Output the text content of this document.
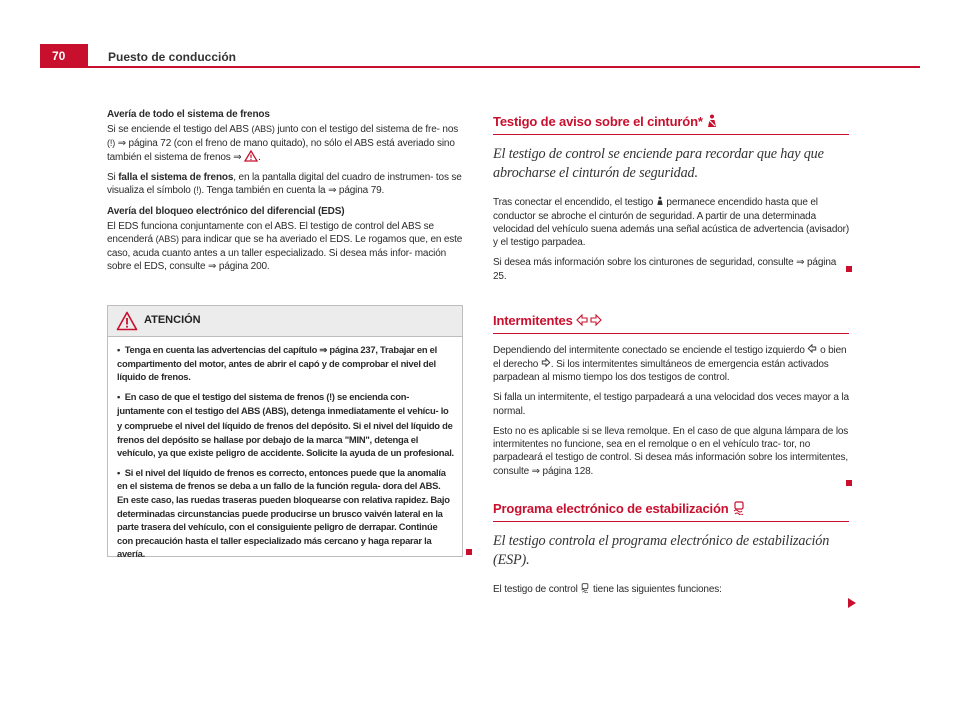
70	Puesto de conducción

Avería de todo el sistema de frenos

Si se enciende el testigo del ABS (ABS) junto con el testigo del sistema de fre- nos (!) ⇒ página 72 (con el freno de mano quitado), no sólo el ABS está averiado sino también el sistema de frenos ⇒ .

Si falla el sistema de frenos, en la pantalla digital del cuadro de instrumen- tos se visualiza el símbolo (!). Tenga también en cuenta la ⇒ página 79.

Avería del bloqueo electrónico del diferencial (EDS)

El EDS funciona conjuntamente con el ABS. El testigo de control del ABS se encenderá (ABS) para indicar que se ha averiado el EDS. Le rogamos que, en este caso, acuda cuanto antes a un taller especializado. Si desea más infor- mación sobre el EDS, consulte ⇒ página 200.

ATENCIÓN
• Tenga en cuenta las advertencias del capítulo ⇒ página 237, Trabajar en el compartimento del motor, antes de abrir el capó y de comprobar el nivel del líquido de frenos.
• En caso de que el testigo del sistema de frenos (!) se encienda con- juntamente con el testigo del ABS (ABS), detenga inmediatamente el vehícu- lo y compruebe el nivel del líquido de frenos del depósito. Si el nivel del líquido de frenos del depósito se hallase por debajo de la marca "MIN", detenga el vehículo, ya que existe peligro de accidente. Solicite la ayuda de un profesional.
• Si el nivel del líquido de frenos es correcto, entonces puede que la anomalía en el sistema de frenos se deba a un fallo de la función regula- dora del ABS. En este caso, las ruedas traseras pueden bloquearse con relativa rapidez. Bajo determinadas circunstancias puede producirse un brusco vaivén lateral en la parte trasera del vehículo, con el consiguiente peligro de derrapar. Continúe con precaución hasta el taller especializado más cercano y haga reparar la avería.
Testigo de aviso sobre el cinturón*

El testigo de control se enciende para recordar que hay que abrocharse el cinturón de seguridad.

Tras conectar el encendido, el testigo permanece encendido hasta que el conductor se abroche el cinturón de seguridad. A partir de una determinada velocidad del vehículo suena además una señal acústica de advertencia (avisador) y el testigo parpadea.

Si desea más información sobre los cinturones de seguridad, consulte ⇒ página 25.

Intermitentes

Dependiendo del intermitente conectado se enciende el testigo izquierdo o bien el derecho . Si los intermitentes simultáneos de emergencia están activados parpadean al mismo tiempo los dos testigos de control.

Si falla un intermitente, el testigo parpadeará a una velocidad dos veces mayor a la normal.

Esto no es aplicable si se lleva remolque. En el caso de que alguna lámpara de los intermitentes no funcione, sea en el remolque o en el vehículo trac- tor, no parpadeará el testigo de control. Si desea más información sobre los intermitentes, consulte ⇒ página 128.

Programa electrónico de estabilización

El testigo controla el programa electrónico de estabilización (ESP).

El testigo de control tiene las siguientes funciones:
